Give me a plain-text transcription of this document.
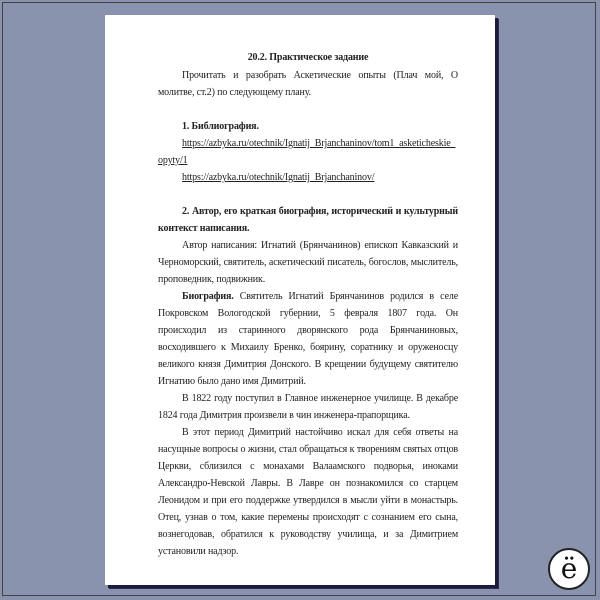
20.2. Практическое задание

Прочитать и разобрать Аскетические опыты (Плач мой, О молитве, ст.2) по следующему плану.

1. Библиография.

https://azbyka.ru/otechnik/Ignatij_Brjanchaninov/tom1_asketicheskie_opyty/1

https://azbyka.ru/otechnik/Ignatij_Brjanchaninov/

2. Автор, его краткая биография, исторический и культурный контекст написания.

Автор написания: Игнатий (Брянчанинов) епископ Кавказский и Черноморский, святитель, аскетический писатель, богослов, мыслитель, проповедник, подвижник.

Биография. Святитель Игнатий Брянчанинов родился в селе Покровском Вологодской губернии, 5 февраля 1807 года. Он происходил из старинного дворянского рода Брянчаниновых, восходившего к Михаилу Бренко, боярину, соратнику и оруженосцу великого князя Димитрия Донского. В крещении будущему святителю Игнатию было дано имя Димитрий.

В 1822 году поступил в Главное инженерное училище. В декабре 1824 года Димитрия произвели в чин инженера-прапорщика.

В этот период Димитрий настойчиво искал для себя ответы на насущные вопросы о жизни, стал обращаться к творениям святых отцов Церкви, сблизился с монахами Валаамского подворья, иноками Александро-Невской Лавры. В Лавре он познакомился со старцем Леонидом и при его поддержке утвердился в мысли уйти в монастырь. Отец, узнав о том, какие перемены происходят с сознанием его сына, вознегодовав, обратился к руководству училища, и за Димитрием установили надзор.

ё
